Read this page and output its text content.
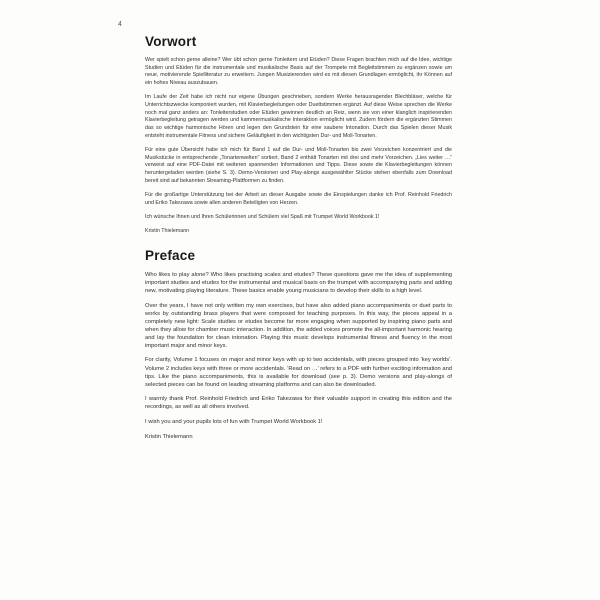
4
Vorwort

Wer spielt schon gerne alleine? Wer übt schon gerne Tonleitern und Etüden? Diese Fragen brachten mich auf die Idee, wichtige Studien und Etüden für die instrumentale und musikalische Basis auf der Trompete mit Begleitstimmen zu ergänzen sowie um neue, motivierende Spielliteratur zu erweitern. Jungen Musizierenden wird es mit diesen Grundlagen ermöglicht, ihr Können auf ein hohes Niveau auszubauen.

Im Laufe der Zeit habe ich nicht nur eigene Übungen geschrieben, sondern Werke herausragender Blechbläser, welche für Unterrichtszwecke komponiert wurden, mit Klavierbegleitungen oder Duettstimmen ergänzt. Auf diese Weise sprechen die Werke noch mal ganz anders an: Tonleiterstudien oder Etüden gewinnen deutlich an Reiz, wenn sie von einer klanglich inspirierenden Klavierbegleitung getragen werden und kammermusikalische Interaktion ermöglicht wird. Zudem fördern die ergänzten Stimmen das so wichtige harmonische Hören und legen den Grundstein für eine saubere Intonation. Durch das Spielen dieser Musik entsteht instrumentale Fitness und sichere Geläufigkeit in den wichtigsten Dur- und Moll-Tonarten.

Für eine gute Übersicht habe ich mich für Band 1 auf die Dur- und Moll-Tonarten bis zwei Vorzeichen konzentriert und die Musikstücke in entsprechende „Tonartenwelten“ sortiert. Band 2 enthält Tonarten mit drei und mehr Vorzeichen. „Lies weiter …“ verweist auf eine PDF-Datei mit weiteren spannenden Informationen und Tipps. Diese sowie die Klavierbegleitungen können heruntergeladen werden (siehe S. 3). Demo-Versionen und Play-alongs ausgewählter Stücke stehen ebenfalls zum Download bereit sind auf bekannten Streaming-Plattformen zu finden.

Für die großartige Unterstützung bei der Arbeit an dieser Ausgabe sowie die Einspielungen danke ich Prof. Reinhold Friedrich und Eriko Takezawa sowie allen anderen Beteiligten von Herzen.

Ich wünsche Ihnen und Ihren Schülerinnen und Schülern viel Spaß mit Trumpet World Workbook 1!

Kristin Thielemann

Preface

Who likes to play alone? Who likes practising scales and etudes? These questions gave me the idea of supplementing important studies and etudes for the instrumental and musical basis on the trumpet with accompanying parts and adding new, motivating playing literature. These basics enable young musicians to develop their skills to a high level.

Over the years, I have not only written my own exercises, but have also added piano accompaniments or duet parts to works by outstanding brass players that were composed for teaching purposes. In this way, the pieces appeal in a completely new light: Scale studies or etudes become far more engaging when supported by inspiring piano parts and when they allow for chamber music interaction. In addition, the added voices promote the all-important harmonic hearing and lay the foundation for clean intonation. Playing this music develops instrumental fitness and fluency in the most important major and minor keys.

For clarity, Volume 1 focuses on major and minor keys with up to two accidentals, with pieces grouped into ‘key worlds’. Volume 2 includes keys with three or more accidentals. ‘Read on …’ refers to a PDF with further exciting information and tips. Like the piano accompaniments, this is available for download (see p. 3). Demo versions and play-alongs of selected pieces can be found on leading streaming platforms and can also be downloaded.

I warmly thank Prof. Reinhold Friedrich and Eriko Takezawa for their valuable support in creating this edition and the recordings, as well as all others involved.

I wish you and your pupils lots of fun with Trumpet World Workbook 1!

Kristin Thielemann
